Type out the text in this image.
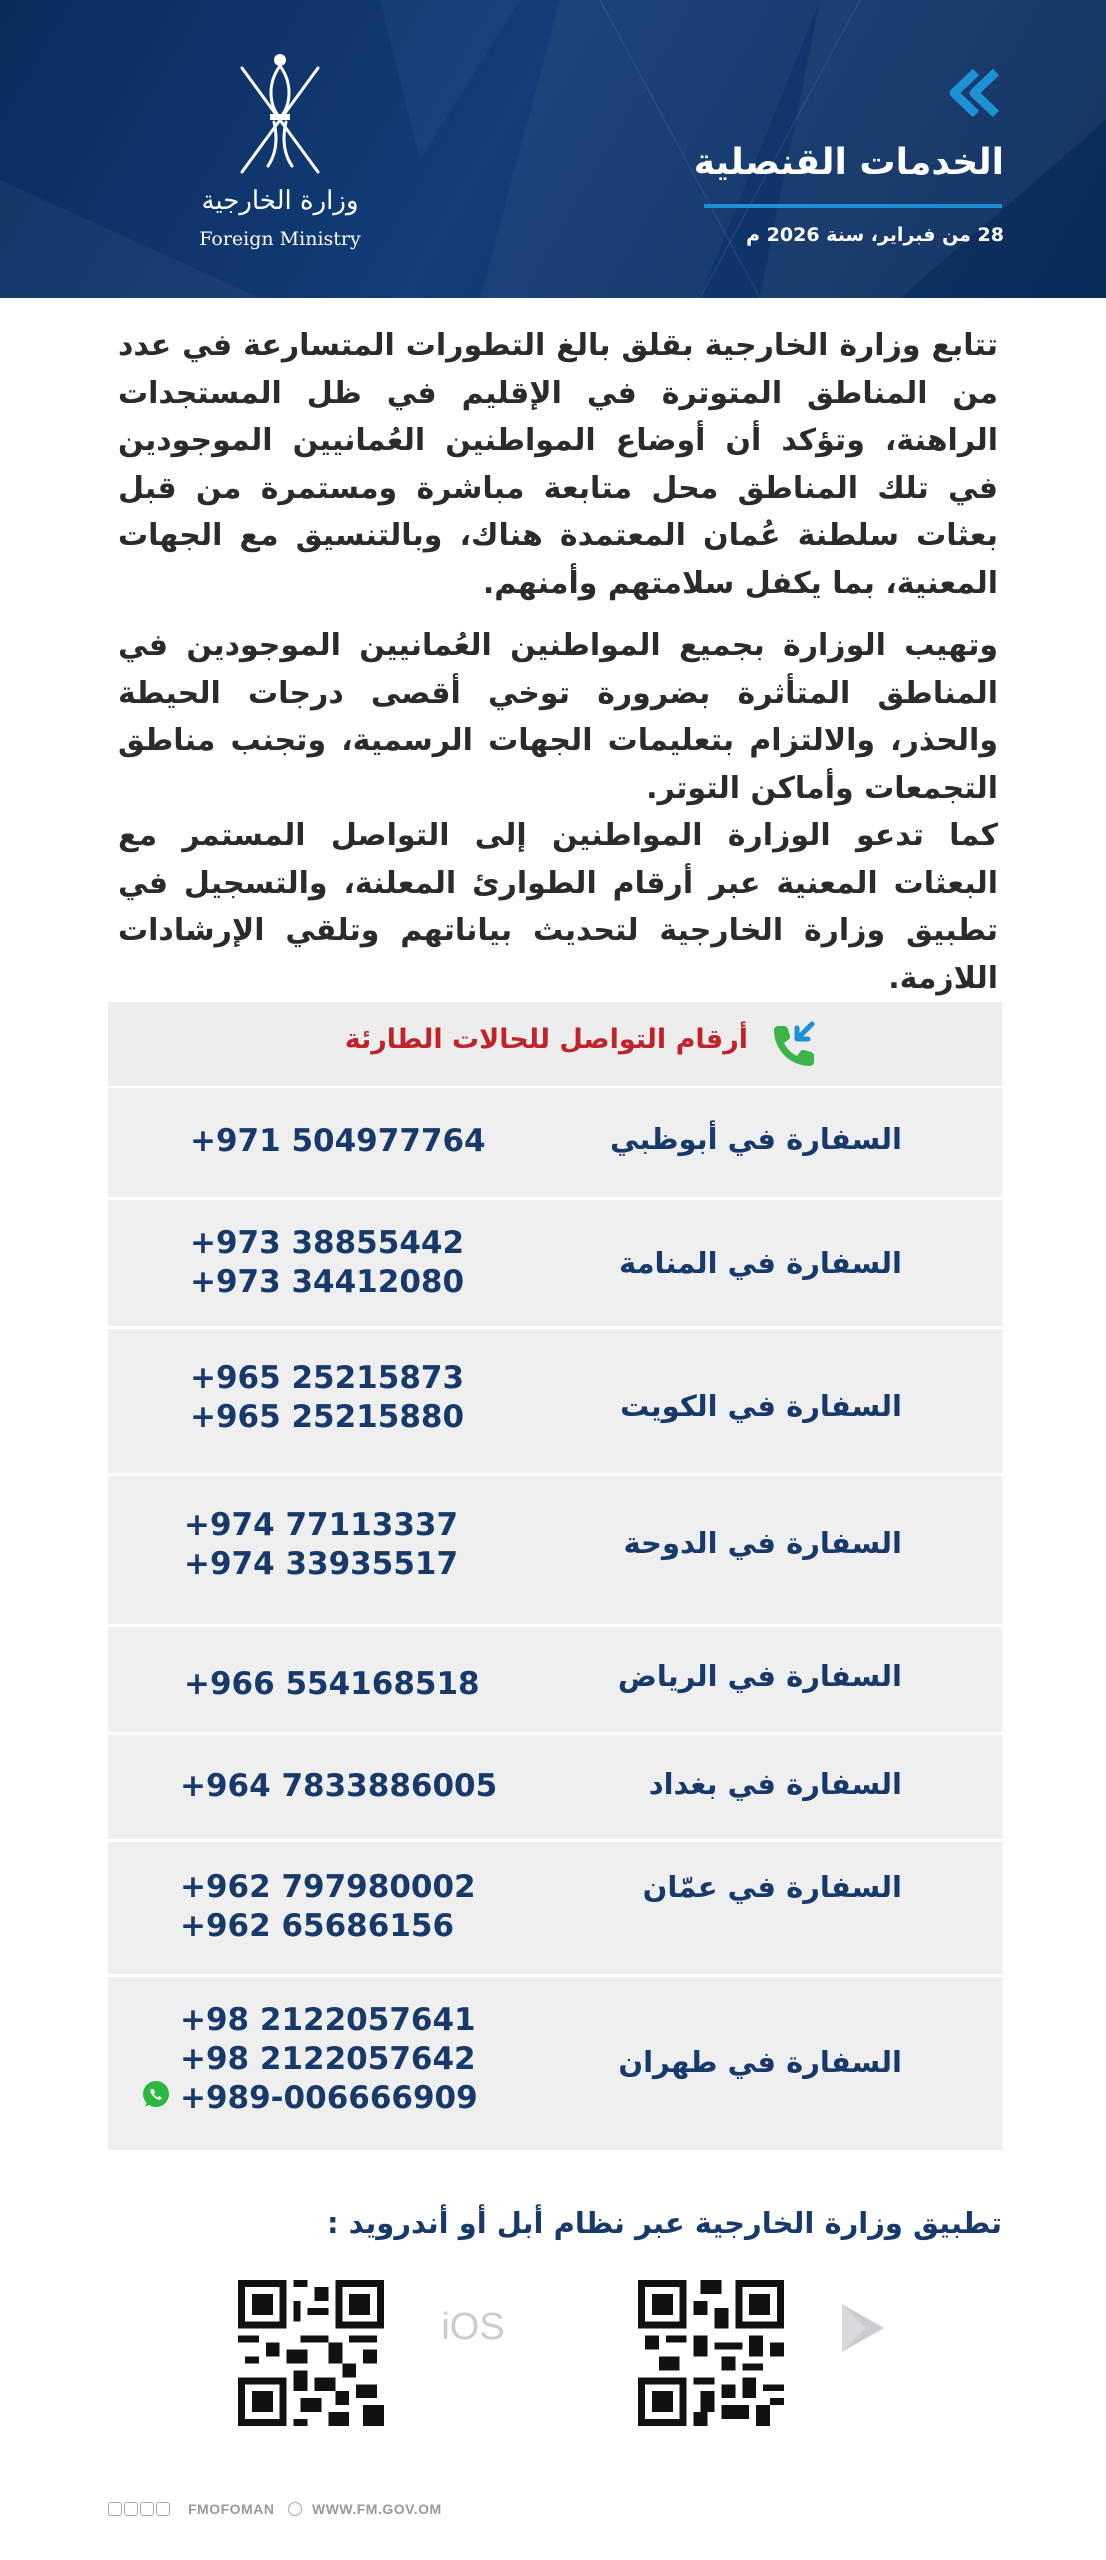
الخدمات القنصلية
28 من فبراير، سنة 2026 م
وزارة الخارجية
Foreign Ministry

تتابع وزارة الخارجية بقلق بالغ التطورات المتسارعة في عدد من المناطق المتوترة في الإقليم في ظل المستجدات الراهنة، وتؤكد أن أوضاع المواطنين العُمانيين الموجودين في تلك المناطق محل متابعة مباشرة ومستمرة من قبل بعثات سلطنة عُمان المعتمدة هناك، وبالتنسيق مع الجهات المعنية، بما يكفل سلامتهم وأمنهم.

وتهيب الوزارة بجميع المواطنين العُمانيين الموجودين في المناطق المتأثرة بضرورة توخي أقصى درجات الحيطة والحذر، والالتزام بتعليمات الجهات الرسمية، وتجنب مناطق التجمعات وأماكن التوتر.

كما تدعو الوزارة المواطنين إلى التواصل المستمر مع البعثات المعنية عبر أرقام الطوارئ المعلنة، والتسجيل في تطبيق وزارة الخارجية لتحديث بياناتهم وتلقي الإرشادات اللازمة.

أرقام التواصل للحالات الطارئة
السفارة في أبوظبي
+971 504977764
السفارة في المنامة
+973 38855442
+973 34412080
السفارة في الكويت
+965 25215873
+965 25215880
السفارة في الدوحة
+974 77113337
+974 33935517
السفارة في الرياض
+966 554168518
السفارة في بغداد
+964 7833886005
السفارة في عمّان
+962 797980002
+962 65686156
السفارة في طهران
+98 2122057641
+98 2122057642
+989-006666909
تطبيق وزارة الخارجية عبر نظام أبل أو أندرويد :
iOS
FMOFOMAN	WWW.FM.GOV.OM
